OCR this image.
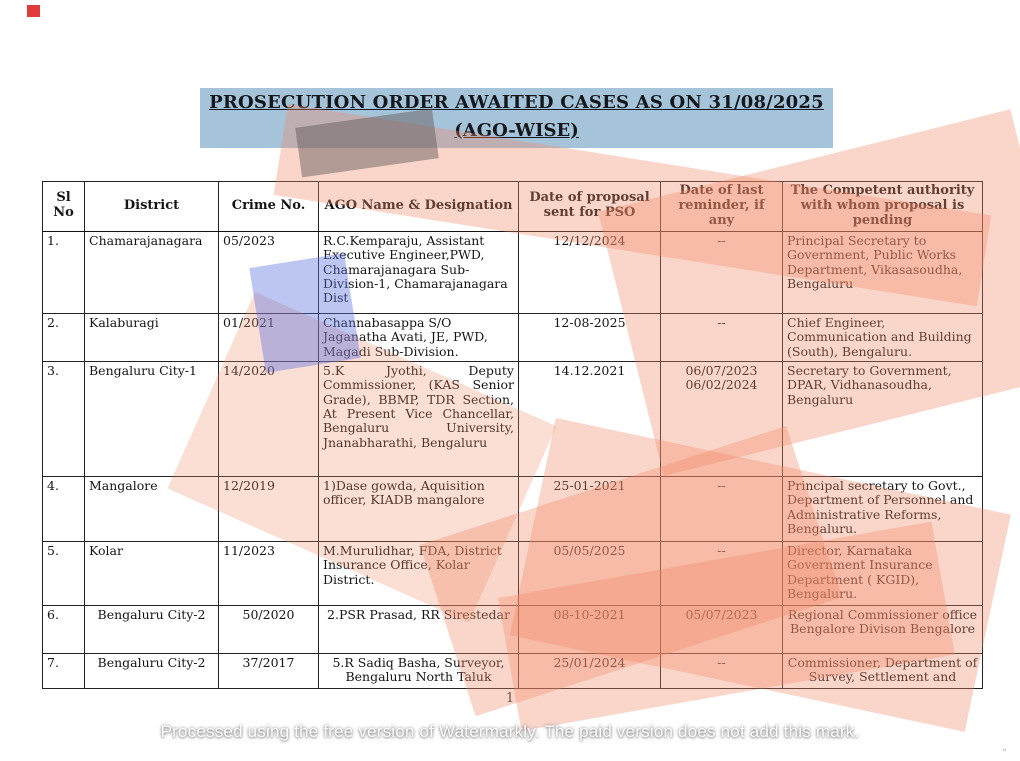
PROSECUTION ORDER AWAITED CASES AS ON 31/08/2025
(AGO-WISE)
Sl No	District	Crime No.	AGO Name & Designation	Date of proposal sent for PSO	Date of last reminder, if any	The Competent authority with whom proposal is pending
1.	Chamarajanagara	05/2023	R.C.Kemparaju, Assistant Executive Engineer,PWD, Chamarajanagara Sub-Division-1, Chamarajanagara Dist	12/12/2024	--	Principal Secretary to Government, Public Works Department, Vikasasoudha, Bengaluru
2.	Kalaburagi	01/2021	Channabasappa S/O Jaganatha Avati, JE, PWD, Magadi Sub-Division.	12-08-2025	--	Chief Engineer, Communication and Building (South), Bengaluru.
3.	Bengaluru City-1	14/2020	5.K Jyothi, Deputy Commissioner, (KAS Senior Grade), BBMP, TDR Section, At Present Vice Chancellar, Bengaluru University, Jnanabharathi, Bengaluru	14.12.2021	06/07/2023 06/02/2024	Secretary to Government, DPAR, Vidhanasoudha, Bengaluru
4.	Mangalore	12/2019	1)Dase gowda, Aquisition officer, KIADB mangalore	25-01-2021	--	Principal secretary to Govt., Department of Personnel and Administrative Reforms, Bengaluru.
5.	Kolar	11/2023	M.Murulidhar, FDA, District Insurance Office, Kolar District.	05/05/2025	--	Director, Karnataka Government Insurance Department ( KGID), Bengaluru.
6.	Bengaluru City-2	50/2020	2.PSR Prasad, RR Sirestedar	08-10-2021	05/07/2023	Regional Commissioner office Bengalore Divison Bengalore
7.	Bengaluru City-2	37/2017	5.R Sadiq Basha, Surveyor, Bengaluru North Taluk	25/01/2024	--	Commissioner, Department of Survey, Settlement and
1
Processed using the free version of Watermarkly. The paid version does not add this mark.
„
